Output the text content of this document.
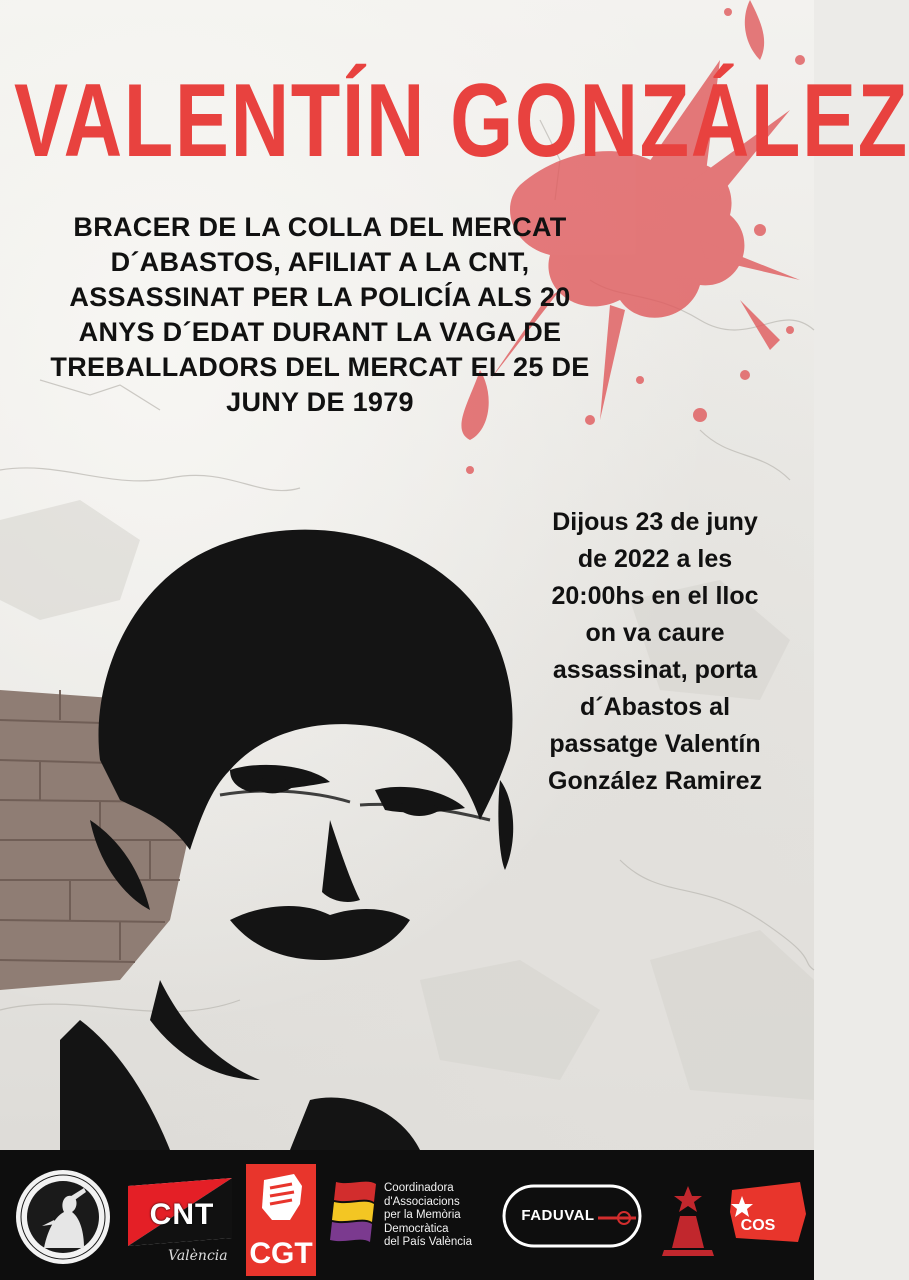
VALENTÍN GONZÁLEZ
BRACER DE LA COLLA DEL MERCAT
D´ABASTOS, AFILIAT A LA CNT,
ASSASSINAT PER LA POLICÍA ALS 20
ANYS D´EDAT DURANT LA VAGA DE
TREBALLADORS DEL MERCAT EL 25 DE
JUNY DE 1979
Dijous 23 de juny
de 2022 a les
20:00hs en el lloc
on va caure
assassinat, porta
d´Abastos al
passatge Valentín
González Ramirez
CNT
València CGT
Coordinadora
d'Associacions
per la Memòria
Democràtica
del País València
FADUVAL
COS
